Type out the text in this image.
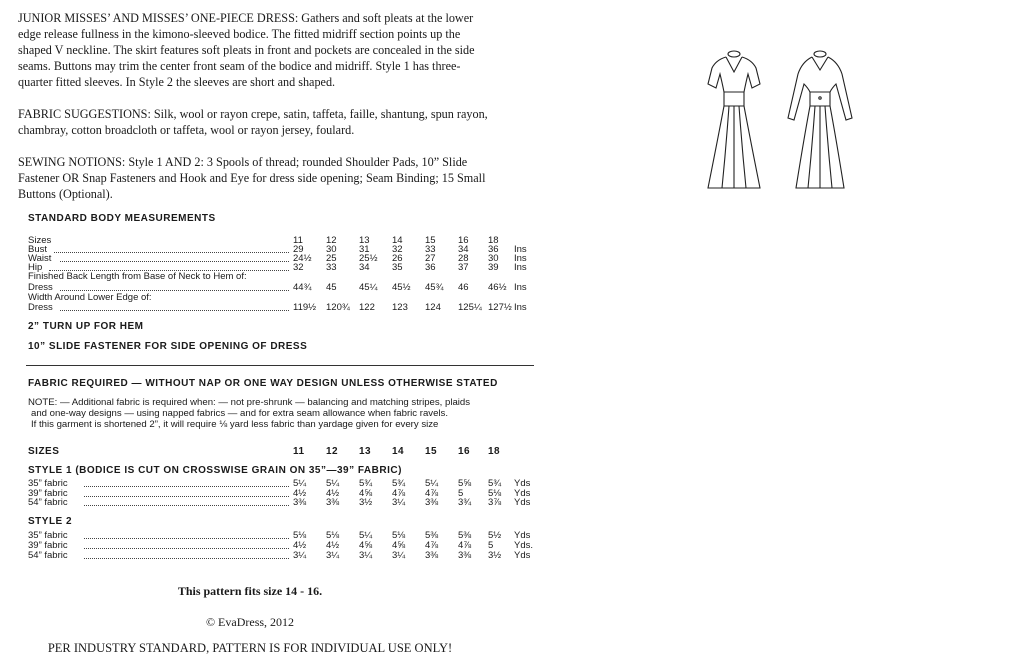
JUNIOR MISSES’ AND MISSES’ ONE-PIECE DRESS: Gathers and soft pleats at the lower edge release fullness in the kimono-sleeved bodice. The fitted midriff section points up the shaped V neckline. The skirt features soft pleats in front and pockets are concealed in the side seams. Buttons may trim the center front seam of the bodice and midriff. Style 1 has three-quarter fitted sleeves. In Style 2 the sleeves are short and shaped.

FABRIC SUGGESTIONS: Silk, wool or rayon crepe, satin, taffeta, faille, shantung, spun rayon, chambray, cotton broadcloth or taffeta, wool or rayon jersey, foulard.

SEWING NOTIONS: Style 1 AND 2: 3 Spools of thread; rounded Shoulder Pads, 10” Slide Fastener OR Snap Fasteners and Hook and Eye for dress side opening; Seam Binding; 15 Small Buttons (Optional).

STANDARD BODY MEASUREMENTS
Sizes	11	12	13	14	15	16	18
Bust	29	30	31	32	33	34	36	Ins
Waist	24½	25	25½	26	27	28	30	Ins
Hip	32	33	34	35	36	37	39	Ins
Finished Back Length from Base of Neck to Hem of:
Dress	44¾	45	45¼	45½	45¾	46	46½ Ins
Width Around Lower Edge of:
Dress	119½	120¾ 122	123	124	125¼ 127½ Ins
2” TURN UP FOR HEM
10” SLIDE FASTENER FOR SIDE OPENING OF DRESS
FABRIC REQUIRED — WITHOUT NAP OR ONE WAY DESIGN UNLESS OTHERWISE STATED
NOTE: — Additional fabric is required when: — not pre-shrunk — balancing and matching stripes, plaids
and one-way designs — using napped fabrics — and for extra seam allowance when fabric ravels.
If this garment is shortened 2”, it will require ⅛ yard less fabric than yardage given for every size
SIZES	11	12	13	14	15	16	18
STYLE 1 (BODICE IS CUT ON CROSSWISE GRAIN ON 35”—39” FABRIC)
35” fabric	5¼	5¼	5¾	5¾	5¼	5⅝	5¾	Yds
39” fabric	4½	4½	4⅝	4⅞	4⅞	5	5⅛	Yds
54” fabric	3⅜	3⅜	3½	3¼	3⅜	3¾	3⅞	Yds
STYLE 2
35” fabric	5⅛	5⅛	5¼	5⅛	5⅜	5⅜	5½	Yds
39” fabric	4½	4½	4⅝	4⅝	4⅞	4⅞	5	Yds.
54” fabric	3¼	3¼	3¼	3¼	3⅜	3⅜	3½	Yds
This pattern fits size 14 - 16.
© EvaDress, 2012
PER INDUSTRY STANDARD, PATTERN IS FOR INDIVIDUAL USE ONLY!
